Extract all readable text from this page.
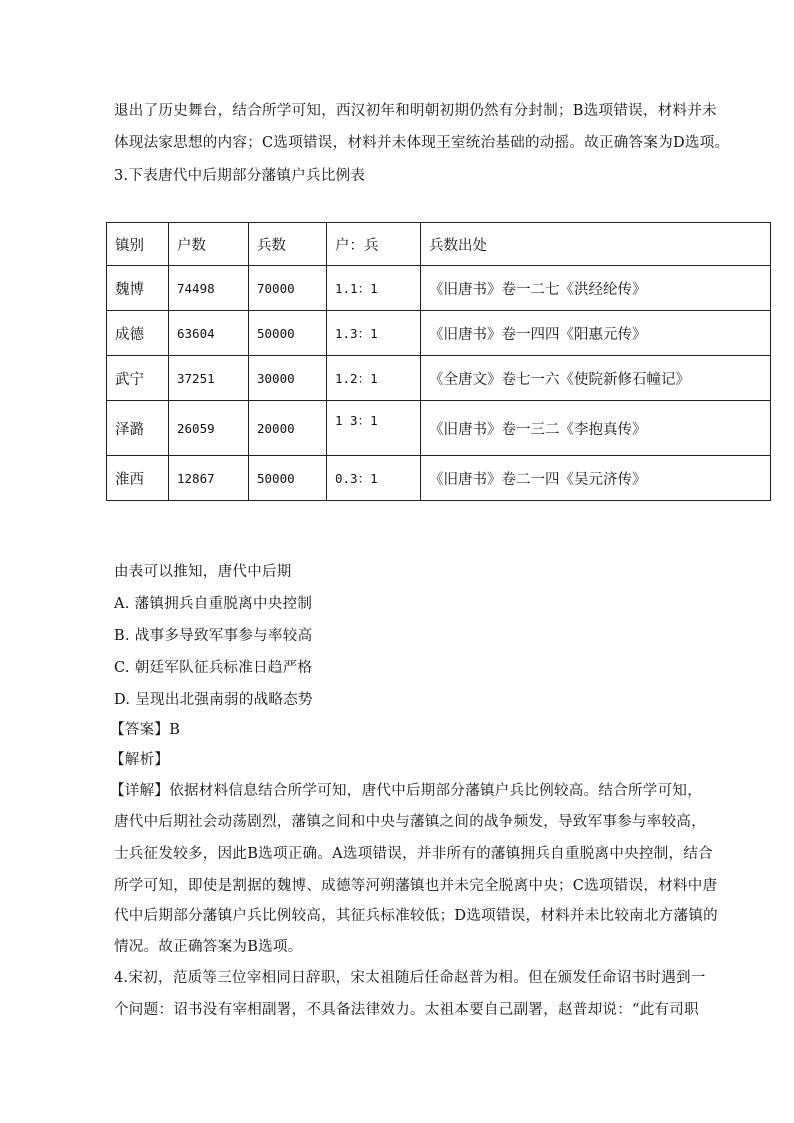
退出了历史舞台，结合所学可知，西汉初年和明朝初期仍然有分封制；B选项错误，材料并未
体现法家思想的内容；C选项错误，材料并未体现王室统治基础的动摇。故正确答案为D选项。
3.下表唐代中后期部分藩镇户兵比例表
镇别	户数	兵数	户：兵	兵数出处
魏博	74498	70000	1.1：1	《旧唐书》卷一二七《洪经纶传》
成德	63604	50000	1.3：1	《旧唐书》卷一四四《阳惠元传》
武宁	37251	30000	1.2：1	《全唐文》卷七一六《使院新修石幢记》
泽潞	26059	20000	1 3：1	《旧唐书》卷一三二《李抱真传》
淮西	12867	50000	0.3：1	《旧唐书》卷二一四《吴元济传》
由表可以推知，唐代中后期
A. 藩镇拥兵自重脱离中央控制
B. 战事多导致军事参与率较高
C. 朝廷军队征兵标准日趋严格
D. 呈现出北强南弱的战略态势
【答案】B
【解析】
【详解】依据材料信息结合所学可知，唐代中后期部分藩镇户兵比例较高。结合所学可知，
唐代中后期社会动荡剧烈，藩镇之间和中央与藩镇之间的战争频发，导致军事参与率较高，
士兵征发较多，因此B选项正确。A选项错误，并非所有的藩镇拥兵自重脱离中央控制，结合
所学可知，即使是割据的魏博、成德等河朔藩镇也并未完全脱离中央；C选项错误，材料中唐
代中后期部分藩镇户兵比例较高，其征兵标准较低；D选项错误，材料并未比较南北方藩镇的
情况。故正确答案为B选项。
4.宋初，范质等三位宰相同日辞职，宋太祖随后任命赵普为相。但在颁发任命诏书时遇到一
个问题：诏书没有宰相副署，不具备法律效力。太祖本要自己副署，赵普却说：“此有司职
